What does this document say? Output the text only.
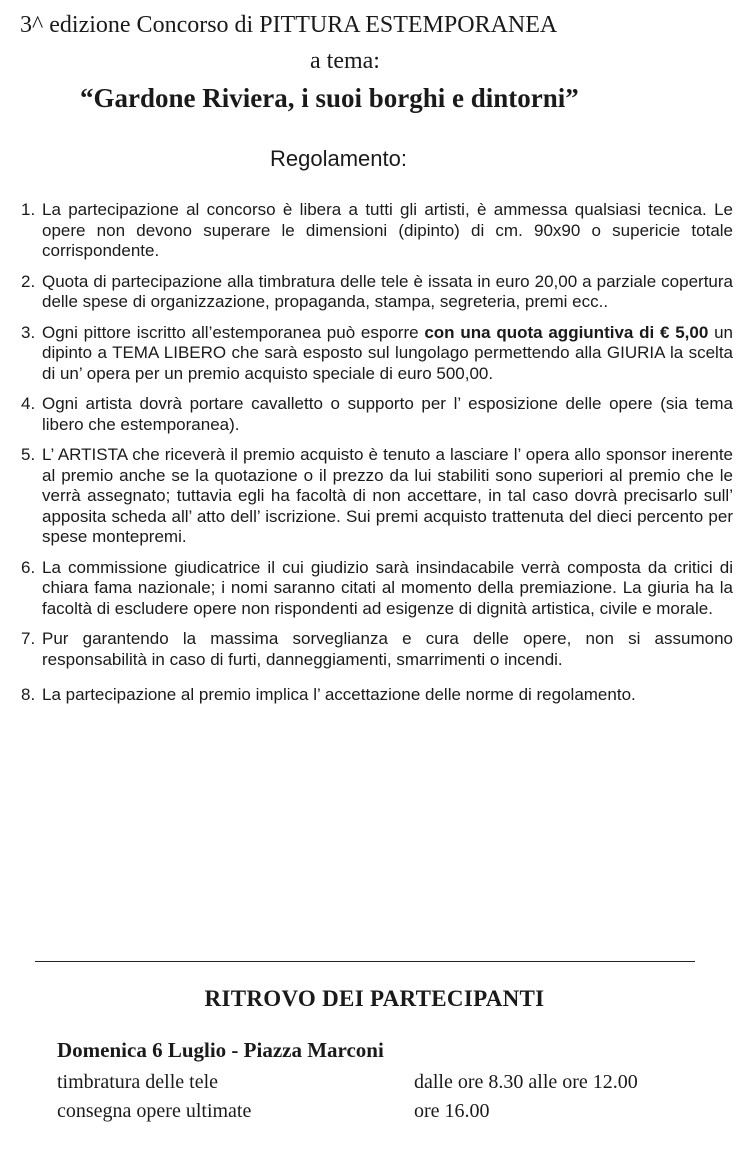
3^ edizione Concorso di PITTURA ESTEMPORANEA
a tema:
“Gardone Riviera, i suoi borghi e dintorni”
Regolamento:
1. La partecipazione al concorso è libera a tutti gli artisti, è ammessa qualsiasi tecnica. Le opere non devono superare le dimensioni (dipinto) di cm. 90x90 o supericie totale corrispondente.
2. Quota di partecipazione alla timbratura delle tele è issata in euro 20,00 a parziale copertura delle spese di organizzazione, propaganda, stampa, segreteria, premi ecc..
3. Ogni pittore iscritto all’estemporanea può esporre con una quota aggiuntiva di € 5,00 un dipinto a TEMA LIBERO che sarà esposto sul lungolago permettendo alla GIURIA la scelta di un’ opera per un premio acquisto speciale di euro 500,00.
4. Ogni artista dovrà portare cavalletto o supporto per l’ esposizione delle opere (sia tema libero che estemporanea).
5. L’ ARTISTA che riceverà il premio acquisto è tenuto a lasciare l’ opera allo sponsor inerente al premio anche se la quotazione o il prezzo da lui stabiliti sono superiori al premio che le verrà assegnato; tuttavia egli ha facoltà di non accettare, in tal caso dovrà precisarlo sull’ apposita scheda all’ atto dell’ iscrizione. Sui premi acquisto trattenuta del dieci percento per spese montepremi.
6. La commissione giudicatrice il cui giudizio sarà insindacabile verrà composta da critici di chiara fama nazionale; i nomi saranno citati al momento della premiazione. La giuria ha la facoltà di escludere opere non rispondenti ad esigenze di dignità artistica, civile e morale.
7. Pur garantendo la massima sorveglianza e cura delle opere, non si assumono responsabilità in caso di furti, danneggiamenti, smarrimenti o incendi.
8. La partecipazione al premio implica l’ accettazione delle norme di regolamento.
RITROVO DEI PARTECIPANTI
Domenica 6 Luglio - Piazza Marconi
timbratura delle tele	dalle ore 8.30 alle ore 12.00
consegna opere ultimate	ore 16.00
